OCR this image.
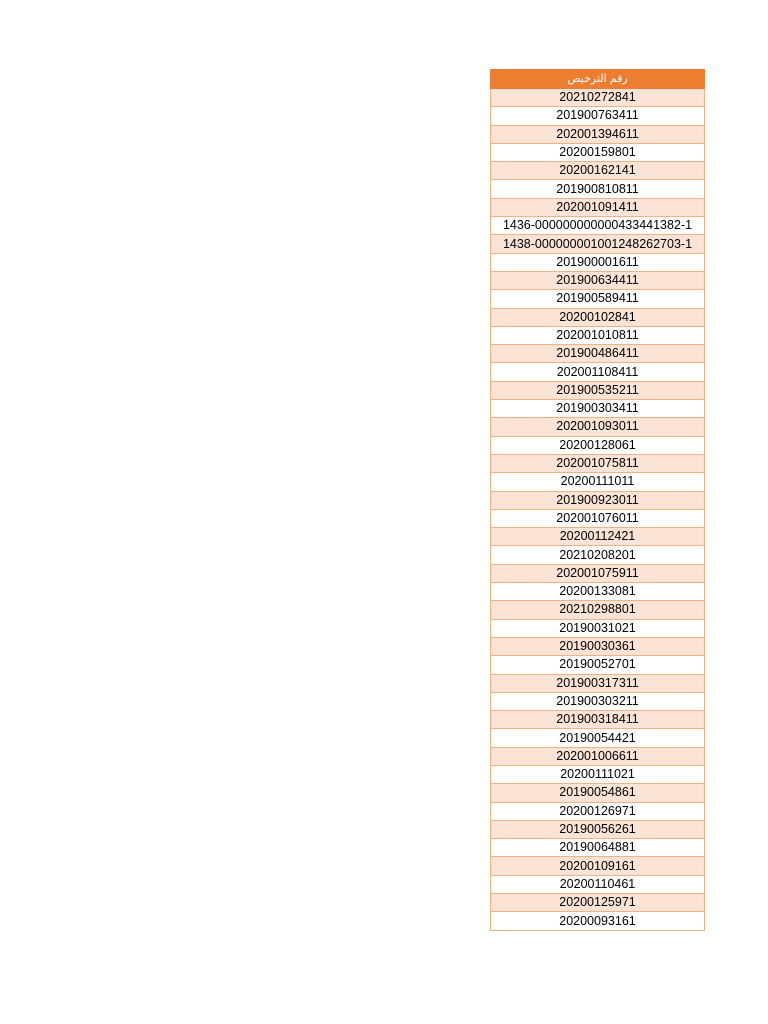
رقم الترخيص
20210272841
201900763411
202001394611
20200159801
20200162141
201900810811
202001091411
1436-000000000000433441382-1
1438-000000001001248262703-1
201900001611
201900634411
201900589411
20200102841
202001010811
201900486411
202001108411
201900535211
201900303411
202001093011
20200128061
202001075811
20200111011
201900923011
202001076011
20200112421
20210208201
202001075911
20200133081
20210298801
20190031021
20190030361
20190052701
201900317311
201900303211
201900318411
20190054421
202001006611
20200111021
20190054861
20200126971
20190056261
20190064881
20200109161
20200110461
20200125971
20200093161
